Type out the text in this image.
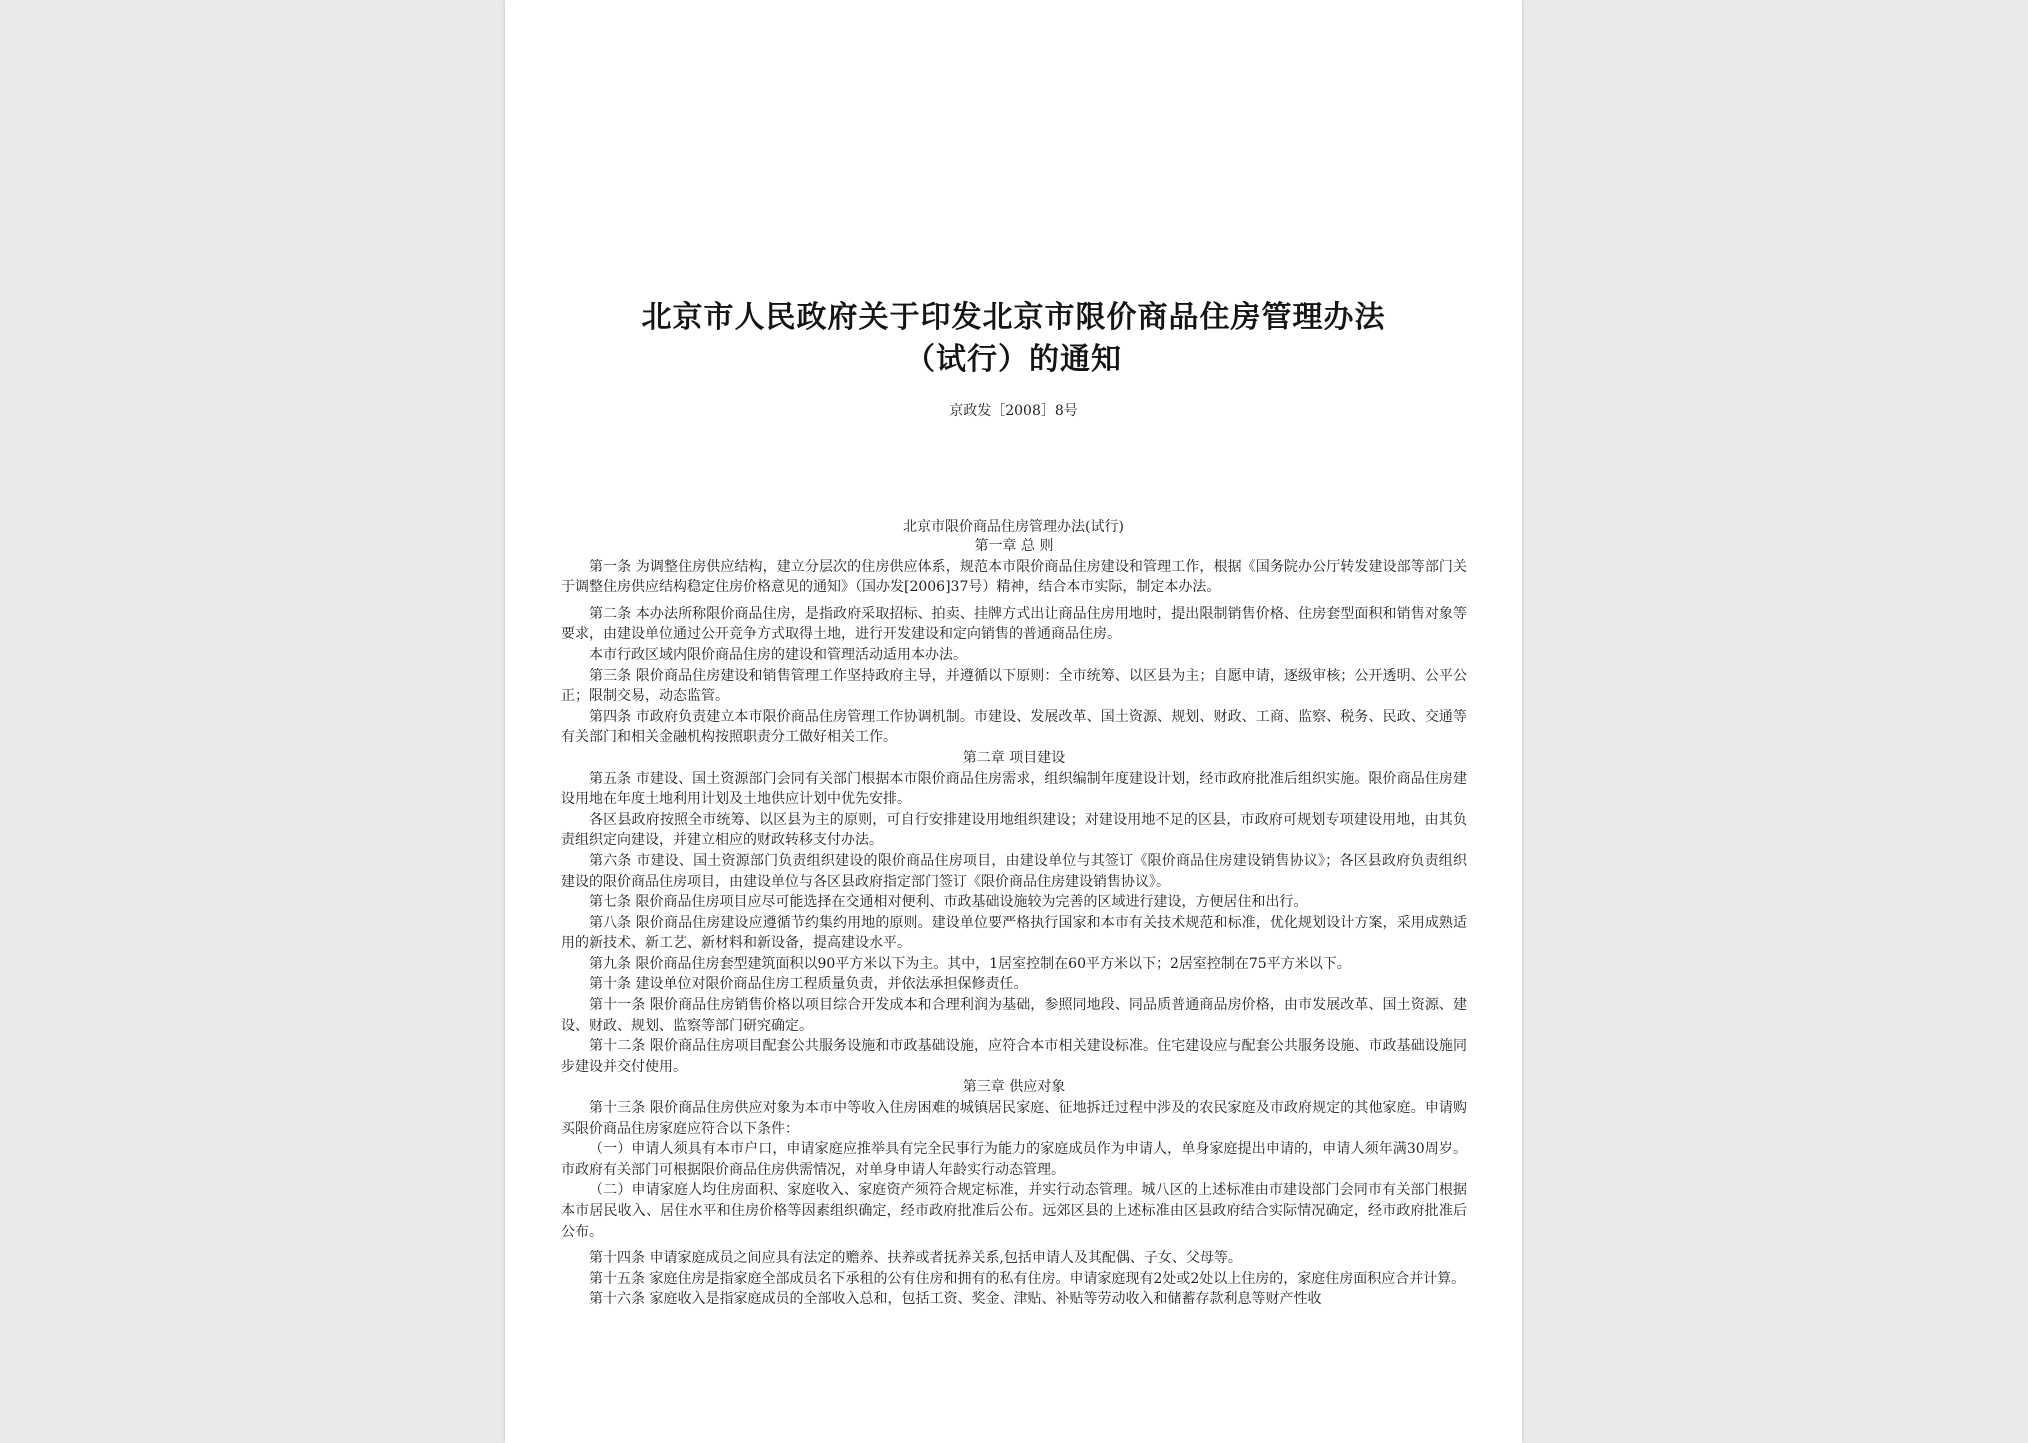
北京市人民政府关于印发北京市限价商品住房管理办法
（试行）的通知
京政发［2008］8号
北京市限价商品住房管理办法(试行)

第一章 总 则

第一条 为调整住房供应结构，建立分层次的住房供应体系，规范本市限价商品住房建设和管理工作，根据《国务院办公厅转发建设部等部门关于调整住房供应结构稳定住房价格意见的通知》（国办发[2006]37号）精神，结合本市实际，制定本办法。

第二条 本办法所称限价商品住房，是指政府采取招标、拍卖、挂牌方式出让商品住房用地时，提出限制销售价格、住房套型面积和销售对象等要求，由建设单位通过公开竞争方式取得土地，进行开发建设和定向销售的普通商品住房。

本市行政区域内限价商品住房的建设和管理活动适用本办法。

第三条 限价商品住房建设和销售管理工作坚持政府主导，并遵循以下原则：全市统筹、以区县为主；自愿申请，逐级审核；公开透明、公平公正；限制交易，动态监管。

第四条 市政府负责建立本市限价商品住房管理工作协调机制。市建设、发展改革、国土资源、规划、财政、工商、监察、税务、民政、交通等有关部门和相关金融机构按照职责分工做好相关工作。

第二章 项目建设

第五条 市建设、国土资源部门会同有关部门根据本市限价商品住房需求，组织编制年度建设计划，经市政府批准后组织实施。限价商品住房建设用地在年度土地利用计划及土地供应计划中优先安排。

各区县政府按照全市统筹、以区县为主的原则，可自行安排建设用地组织建设；对建设用地不足的区县，市政府可规划专项建设用地，由其负责组织定向建设，并建立相应的财政转移支付办法。

第六条 市建设、国土资源部门负责组织建设的限价商品住房项目，由建设单位与其签订《限价商品住房建设销售协议》；各区县政府负责组织建设的限价商品住房项目，由建设单位与各区县政府指定部门签订《限价商品住房建设销售协议》。

第七条 限价商品住房项目应尽可能选择在交通相对便利、市政基础设施较为完善的区域进行建设，方便居住和出行。

第八条 限价商品住房建设应遵循节约集约用地的原则。建设单位要严格执行国家和本市有关技术规范和标准，优化规划设计方案，采用成熟适用的新技术、新工艺、新材料和新设备，提高建设水平。

第九条 限价商品住房套型建筑面积以90平方米以下为主。其中，1居室控制在60平方米以下；2居室控制在75平方米以下。

第十条 建设单位对限价商品住房工程质量负责，并依法承担保修责任。

第十一条 限价商品住房销售价格以项目综合开发成本和合理利润为基础，参照同地段、同品质普通商品房价格，由市发展改革、国土资源、建设、财政、规划、监察等部门研究确定。

第十二条 限价商品住房项目配套公共服务设施和市政基础设施，应符合本市相关建设标准。住宅建设应与配套公共服务设施、市政基础设施同步建设并交付使用。

第三章 供应对象

第十三条 限价商品住房供应对象为本市中等收入住房困难的城镇居民家庭、征地拆迁过程中涉及的农民家庭及市政府规定的其他家庭。申请购买限价商品住房家庭应符合以下条件：

（一）申请人须具有本市户口，申请家庭应推举具有完全民事行为能力的家庭成员作为申请人，单身家庭提出申请的，申请人须年满30周岁。市政府有关部门可根据限价商品住房供需情况，对单身申请人年龄实行动态管理。

（二）申请家庭人均住房面积、家庭收入、家庭资产须符合规定标准，并实行动态管理。城八区的上述标准由市建设部门会同市有关部门根据本市居民收入、居住水平和住房价格等因素组织确定，经市政府批准后公布。远郊区县的上述标准由区县政府结合实际情况确定，经市政府批准后公布。

第十四条 申请家庭成员之间应具有法定的赡养、扶养或者抚养关系,包括申请人及其配偶、子女、父母等。

第十五条 家庭住房是指家庭全部成员名下承租的公有住房和拥有的私有住房。申请家庭现有2处或2处以上住房的，家庭住房面积应合并计算。

第十六条 家庭收入是指家庭成员的全部收入总和，包括工资、奖金、津贴、补贴等劳动收入和储蓄存款利息等财产性收
